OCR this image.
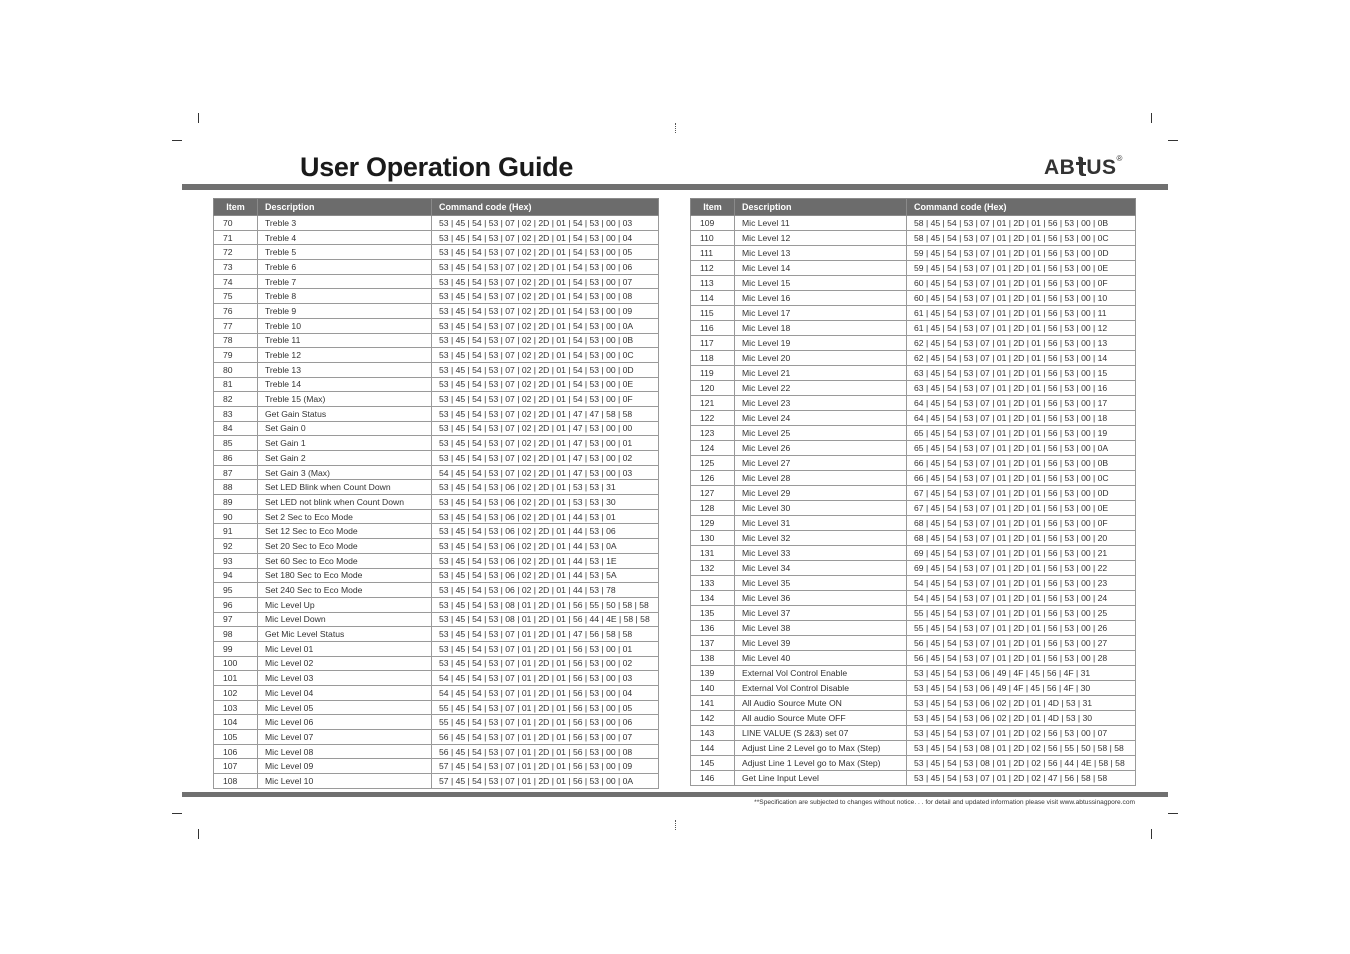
User Operation Guide	AB US®
Item	Description	Command code (Hex)
70	Treble 3	53 | 45 | 54 | 53 | 07 | 02 | 2D | 01 | 54 | 53 | 00 | 03
71	Treble 4	53 | 45 | 54 | 53 | 07 | 02 | 2D | 01 | 54 | 53 | 00 | 04
72	Treble 5	53 | 45 | 54 | 53 | 07 | 02 | 2D | 01 | 54 | 53 | 00 | 05
73	Treble 6	53 | 45 | 54 | 53 | 07 | 02 | 2D | 01 | 54 | 53 | 00 | 06
74	Treble 7	53 | 45 | 54 | 53 | 07 | 02 | 2D | 01 | 54 | 53 | 00 | 07
75	Treble 8	53 | 45 | 54 | 53 | 07 | 02 | 2D | 01 | 54 | 53 | 00 | 08
76	Treble 9	53 | 45 | 54 | 53 | 07 | 02 | 2D | 01 | 54 | 53 | 00 | 09
77	Treble 10	53 | 45 | 54 | 53 | 07 | 02 | 2D | 01 | 54 | 53 | 00 | 0A
78	Treble 11	53 | 45 | 54 | 53 | 07 | 02 | 2D | 01 | 54 | 53 | 00 | 0B
79	Treble 12	53 | 45 | 54 | 53 | 07 | 02 | 2D | 01 | 54 | 53 | 00 | 0C
80	Treble 13	53 | 45 | 54 | 53 | 07 | 02 | 2D | 01 | 54 | 53 | 00 | 0D
81	Treble 14	53 | 45 | 54 | 53 | 07 | 02 | 2D | 01 | 54 | 53 | 00 | 0E
82	Treble 15 (Max)	53 | 45 | 54 | 53 | 07 | 02 | 2D | 01 | 54 | 53 | 00 | 0F
83	Get Gain Status	53 | 45 | 54 | 53 | 07 | 02 | 2D | 01 | 47 | 47 | 58 | 58
84	Set Gain 0	53 | 45 | 54 | 53 | 07 | 02 | 2D | 01 | 47 | 53 | 00 | 00
85	Set Gain 1	53 | 45 | 54 | 53 | 07 | 02 | 2D | 01 | 47 | 53 | 00 | 01
86	Set Gain 2	53 | 45 | 54 | 53 | 07 | 02 | 2D | 01 | 47 | 53 | 00 | 02
87	Set Gain 3 (Max)	54 | 45 | 54 | 53 | 07 | 02 | 2D | 01 | 47 | 53 | 00 | 03
88	Set LED Blink when Count Down	53 | 45 | 54 | 53 | 06 | 02 | 2D | 01 | 53 | 53 | 31
89	Set LED not blink when Count Down	53 | 45 | 54 | 53 | 06 | 02 | 2D | 01 | 53 | 53 | 30
90	Set 2 Sec to Eco Mode	53 | 45 | 54 | 53 | 06 | 02 | 2D | 01 | 44 | 53 | 01
91	Set 12 Sec to Eco Mode	53 | 45 | 54 | 53 | 06 | 02 | 2D | 01 | 44 | 53 | 06
92	Set 20 Sec to Eco Mode	53 | 45 | 54 | 53 | 06 | 02 | 2D | 01 | 44 | 53 | 0A
93	Set 60 Sec to Eco Mode	53 | 45 | 54 | 53 | 06 | 02 | 2D | 01 | 44 | 53 | 1E
94	Set 180 Sec to Eco Mode	53 | 45 | 54 | 53 | 06 | 02 | 2D | 01 | 44 | 53 | 5A
95	Set 240 Sec to Eco Mode	53 | 45 | 54 | 53 | 06 | 02 | 2D | 01 | 44 | 53 | 78
96	Mic Level Up	53 | 45 | 54 | 53 | 08 | 01 | 2D | 01 | 56 | 55 | 50 | 58 | 58
97	Mic Level Down	53 | 45 | 54 | 53 | 08 | 01 | 2D | 01 | 56 | 44 | 4E | 58 | 58
98	Get Mic Level Status	53 | 45 | 54 | 53 | 07 | 01 | 2D | 01 | 47 | 56 | 58 | 58
99	Mic Level 01	53 | 45 | 54 | 53 | 07 | 01 | 2D | 01 | 56 | 53 | 00 | 01
100	Mic Level 02	53 | 45 | 54 | 53 | 07 | 01 | 2D | 01 | 56 | 53 | 00 | 02
101	Mic Level 03	54 | 45 | 54 | 53 | 07 | 01 | 2D | 01 | 56 | 53 | 00 | 03
102	Mic Level 04	54 | 45 | 54 | 53 | 07 | 01 | 2D | 01 | 56 | 53 | 00 | 04
103	Mic Level 05	55 | 45 | 54 | 53 | 07 | 01 | 2D | 01 | 56 | 53 | 00 | 05
104	Mic Level 06	55 | 45 | 54 | 53 | 07 | 01 | 2D | 01 | 56 | 53 | 00 | 06
105	Mic Level 07	56 | 45 | 54 | 53 | 07 | 01 | 2D | 01 | 56 | 53 | 00 | 07
106	Mic Level 08	56 | 45 | 54 | 53 | 07 | 01 | 2D | 01 | 56 | 53 | 00 | 08
107	Mic Level 09	57 | 45 | 54 | 53 | 07 | 01 | 2D | 01 | 56 | 53 | 00 | 09
108	Mic Level 10	57 | 45 | 54 | 53 | 07 | 01 | 2D | 01 | 56 | 53 | 00 | 0A
Item	Description	Command code (Hex)
109	Mic Level 11	58 | 45 | 54 | 53 | 07 | 01 | 2D | 01 | 56 | 53 | 00 | 0B
110	Mic Level 12	58 | 45 | 54 | 53 | 07 | 01 | 2D | 01 | 56 | 53 | 00 | 0C
111	Mic Level 13	59 | 45 | 54 | 53 | 07 | 01 | 2D | 01 | 56 | 53 | 00 | 0D
112	Mic Level 14	59 | 45 | 54 | 53 | 07 | 01 | 2D | 01 | 56 | 53 | 00 | 0E
113	Mic Level 15	60 | 45 | 54 | 53 | 07 | 01 | 2D | 01 | 56 | 53 | 00 | 0F
114	Mic Level 16	60 | 45 | 54 | 53 | 07 | 01 | 2D | 01 | 56 | 53 | 00 | 10
115	Mic Level 17	61 | 45 | 54 | 53 | 07 | 01 | 2D | 01 | 56 | 53 | 00 | 11
116	Mic Level 18	61 | 45 | 54 | 53 | 07 | 01 | 2D | 01 | 56 | 53 | 00 | 12
117	Mic Level 19	62 | 45 | 54 | 53 | 07 | 01 | 2D | 01 | 56 | 53 | 00 | 13
118	Mic Level 20	62 | 45 | 54 | 53 | 07 | 01 | 2D | 01 | 56 | 53 | 00 | 14
119	Mic Level 21	63 | 45 | 54 | 53 | 07 | 01 | 2D | 01 | 56 | 53 | 00 | 15
120	Mic Level 22	63 | 45 | 54 | 53 | 07 | 01 | 2D | 01 | 56 | 53 | 00 | 16
121	Mic Level 23	64 | 45 | 54 | 53 | 07 | 01 | 2D | 01 | 56 | 53 | 00 | 17
122	Mic Level 24	64 | 45 | 54 | 53 | 07 | 01 | 2D | 01 | 56 | 53 | 00 | 18
123	Mic Level 25	65 | 45 | 54 | 53 | 07 | 01 | 2D | 01 | 56 | 53 | 00 | 19
124	Mic Level 26	65 | 45 | 54 | 53 | 07 | 01 | 2D | 01 | 56 | 53 | 00 | 0A
125	Mic Level 27	66 | 45 | 54 | 53 | 07 | 01 | 2D | 01 | 56 | 53 | 00 | 0B
126	Mic Level 28	66 | 45 | 54 | 53 | 07 | 01 | 2D | 01 | 56 | 53 | 00 | 0C
127	Mic Level 29	67 | 45 | 54 | 53 | 07 | 01 | 2D | 01 | 56 | 53 | 00 | 0D
128	Mic Level 30	67 | 45 | 54 | 53 | 07 | 01 | 2D | 01 | 56 | 53 | 00 | 0E
129	Mic Level 31	68 | 45 | 54 | 53 | 07 | 01 | 2D | 01 | 56 | 53 | 00 | 0F
130	Mic Level 32	68 | 45 | 54 | 53 | 07 | 01 | 2D | 01 | 56 | 53 | 00 | 20
131	Mic Level 33	69 | 45 | 54 | 53 | 07 | 01 | 2D | 01 | 56 | 53 | 00 | 21
132	Mic Level 34	69 | 45 | 54 | 53 | 07 | 01 | 2D | 01 | 56 | 53 | 00 | 22
133	Mic Level 35	54 | 45 | 54 | 53 | 07 | 01 | 2D | 01 | 56 | 53 | 00 | 23
134	Mic Level 36	54 | 45 | 54 | 53 | 07 | 01 | 2D | 01 | 56 | 53 | 00 | 24
135	Mic Level 37	55 | 45 | 54 | 53 | 07 | 01 | 2D | 01 | 56 | 53 | 00 | 25
136	Mic Level 38	55 | 45 | 54 | 53 | 07 | 01 | 2D | 01 | 56 | 53 | 00 | 26
137	Mic Level 39	56 | 45 | 54 | 53 | 07 | 01 | 2D | 01 | 56 | 53 | 00 | 27
138	Mic Level 40	56 | 45 | 54 | 53 | 07 | 01 | 2D | 01 | 56 | 53 | 00 | 28
139	External Vol Control Enable	53 | 45 | 54 | 53 | 06 | 49 | 4F | 45 | 56 | 4F | 31
140	External Vol Control Disable	53 | 45 | 54 | 53 | 06 | 49 | 4F | 45 | 56 | 4F | 30
141	All Audio Source Mute ON	53 | 45 | 54 | 53 | 06 | 02 | 2D | 01 | 4D | 53 | 31
142	All audio Source Mute OFF	53 | 45 | 54 | 53 | 06 | 02 | 2D | 01 | 4D | 53 | 30
143	LINE VALUE (S 2&3) set 07	53 | 45 | 54 | 53 | 07 | 01 | 2D | 02 | 56 | 53 | 00 | 07
144	Adjust Line 2 Level go to Max (Step)	53 | 45 | 54 | 53 | 08 | 01 | 2D | 02 | 56 | 55 | 50 | 58 | 58
145	Adjust Line 1 Level go to Max (Step)	53 | 45 | 54 | 53 | 08 | 01 | 2D | 02 | 56 | 44 | 4E | 58 | 58
146	Get Line Input Level	53 | 45 | 54 | 53 | 07 | 01 | 2D | 02 | 47 | 56 | 58 | 58
**Specification are subjected to changes without notice. . . for detail and updated information please visit www.abtussinagpore.com
